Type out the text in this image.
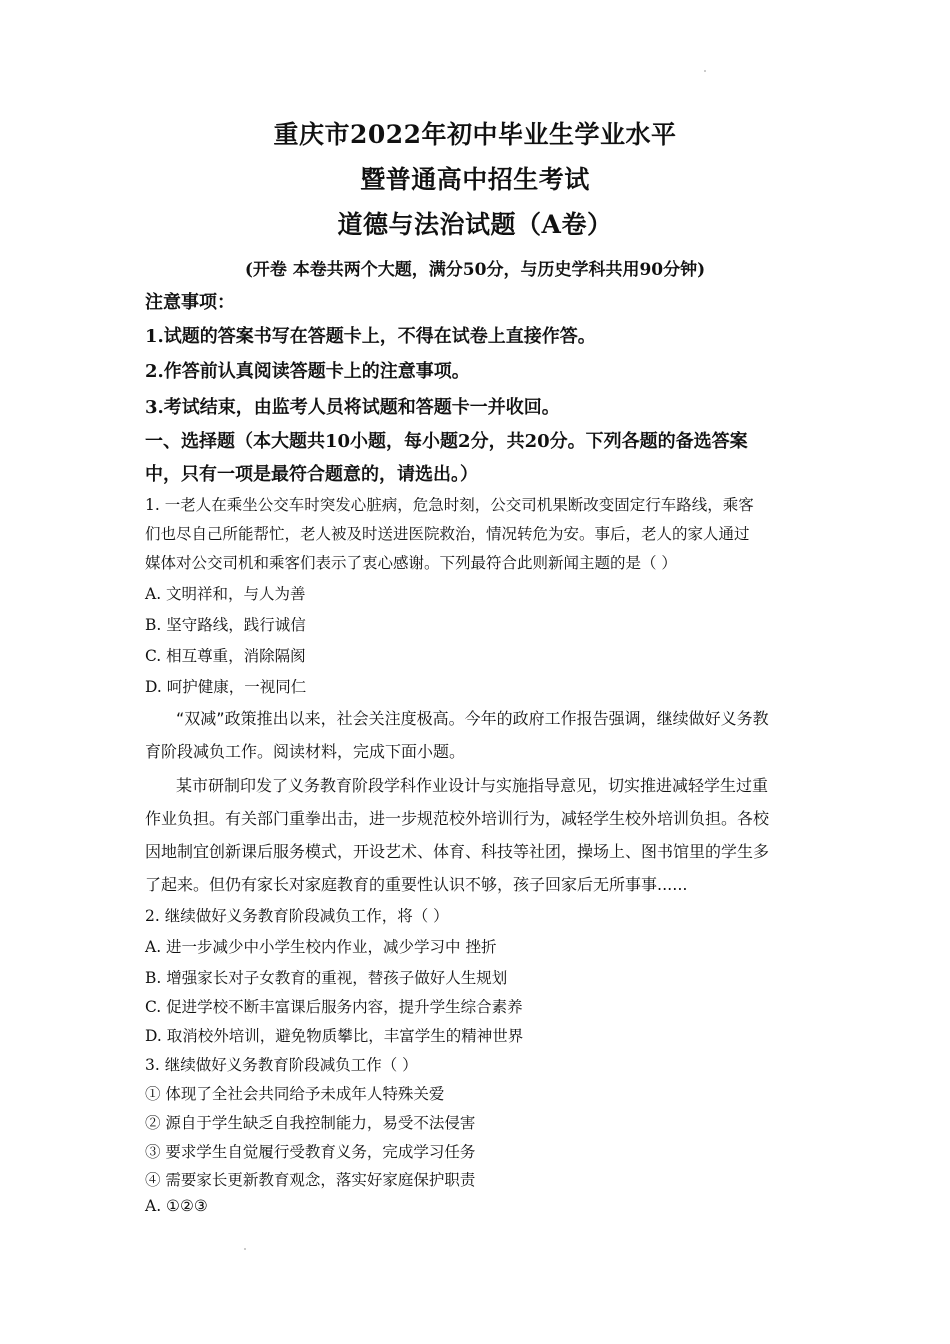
重庆市2022年初中毕业生学业水平
暨普通高中招生考试
道德与法治试题（A卷）
(开卷 本卷共两个大题，满分50分，与历史学科共用90分钟)
注意事项：
1.试题的答案书写在答题卡上，不得在试卷上直接作答。
2.作答前认真阅读答题卡上的注意事项。
3.考试结束，由监考人员将试题和答题卡一并收回。
一、选择题（本大题共10小题，每小题2分，共20分。下列各题的备选答案
中，只有一项是最符合题意的，请选出。）
1. 一老人在乘坐公交车时突发心脏病，危急时刻，公交司机果断改变固定行车路线，乘客
们也尽自己所能帮忙，老人被及时送进医院救治，情况转危为安。事后，老人的家人通过
媒体对公交司机和乘客们表示了衷心感谢。下列最符合此则新闻主题的是（ ）
A. 文明祥和，与人为善
B. 坚守路线，践行诚信
C. 相互尊重，消除隔阂
D. 呵护健康，一视同仁
“双减”政策推出以来，社会关注度极高。今年的政府工作报告强调，继续做好义务教
育阶段减负工作。阅读材料，完成下面小题。
某市研制印发了义务教育阶段学科作业设计与实施指导意见，切实推进减轻学生过重
作业负担。有关部门重拳出击，进一步规范校外培训行为，减轻学生校外培训负担。各校
因地制宜创新课后服务模式，开设艺术、体育、科技等社团，操场上、图书馆里的学生多
了起来。但仍有家长对家庭教育的重要性认识不够，孩子回家后无所事事......
2. 继续做好义务教育阶段减负工作，将（ ）
A. 进一步减少中小学生校内作业，减少学习中 挫折
B. 增强家长对子女教育的重视，替孩子做好人生规划
C. 促进学校不断丰富课后服务内容，提升学生综合素养
D. 取消校外培训，避免物质攀比，丰富学生的精神世界
3. 继续做好义务教育阶段减负工作（ ）
① 体现了全社会共同给予未成年人特殊关爱
② 源自于学生缺乏自我控制能力，易受不法侵害
③ 要求学生自觉履行受教育义务，完成学习任务
④ 需要家长更新教育观念，落实好家庭保护职责
A. ①②③
